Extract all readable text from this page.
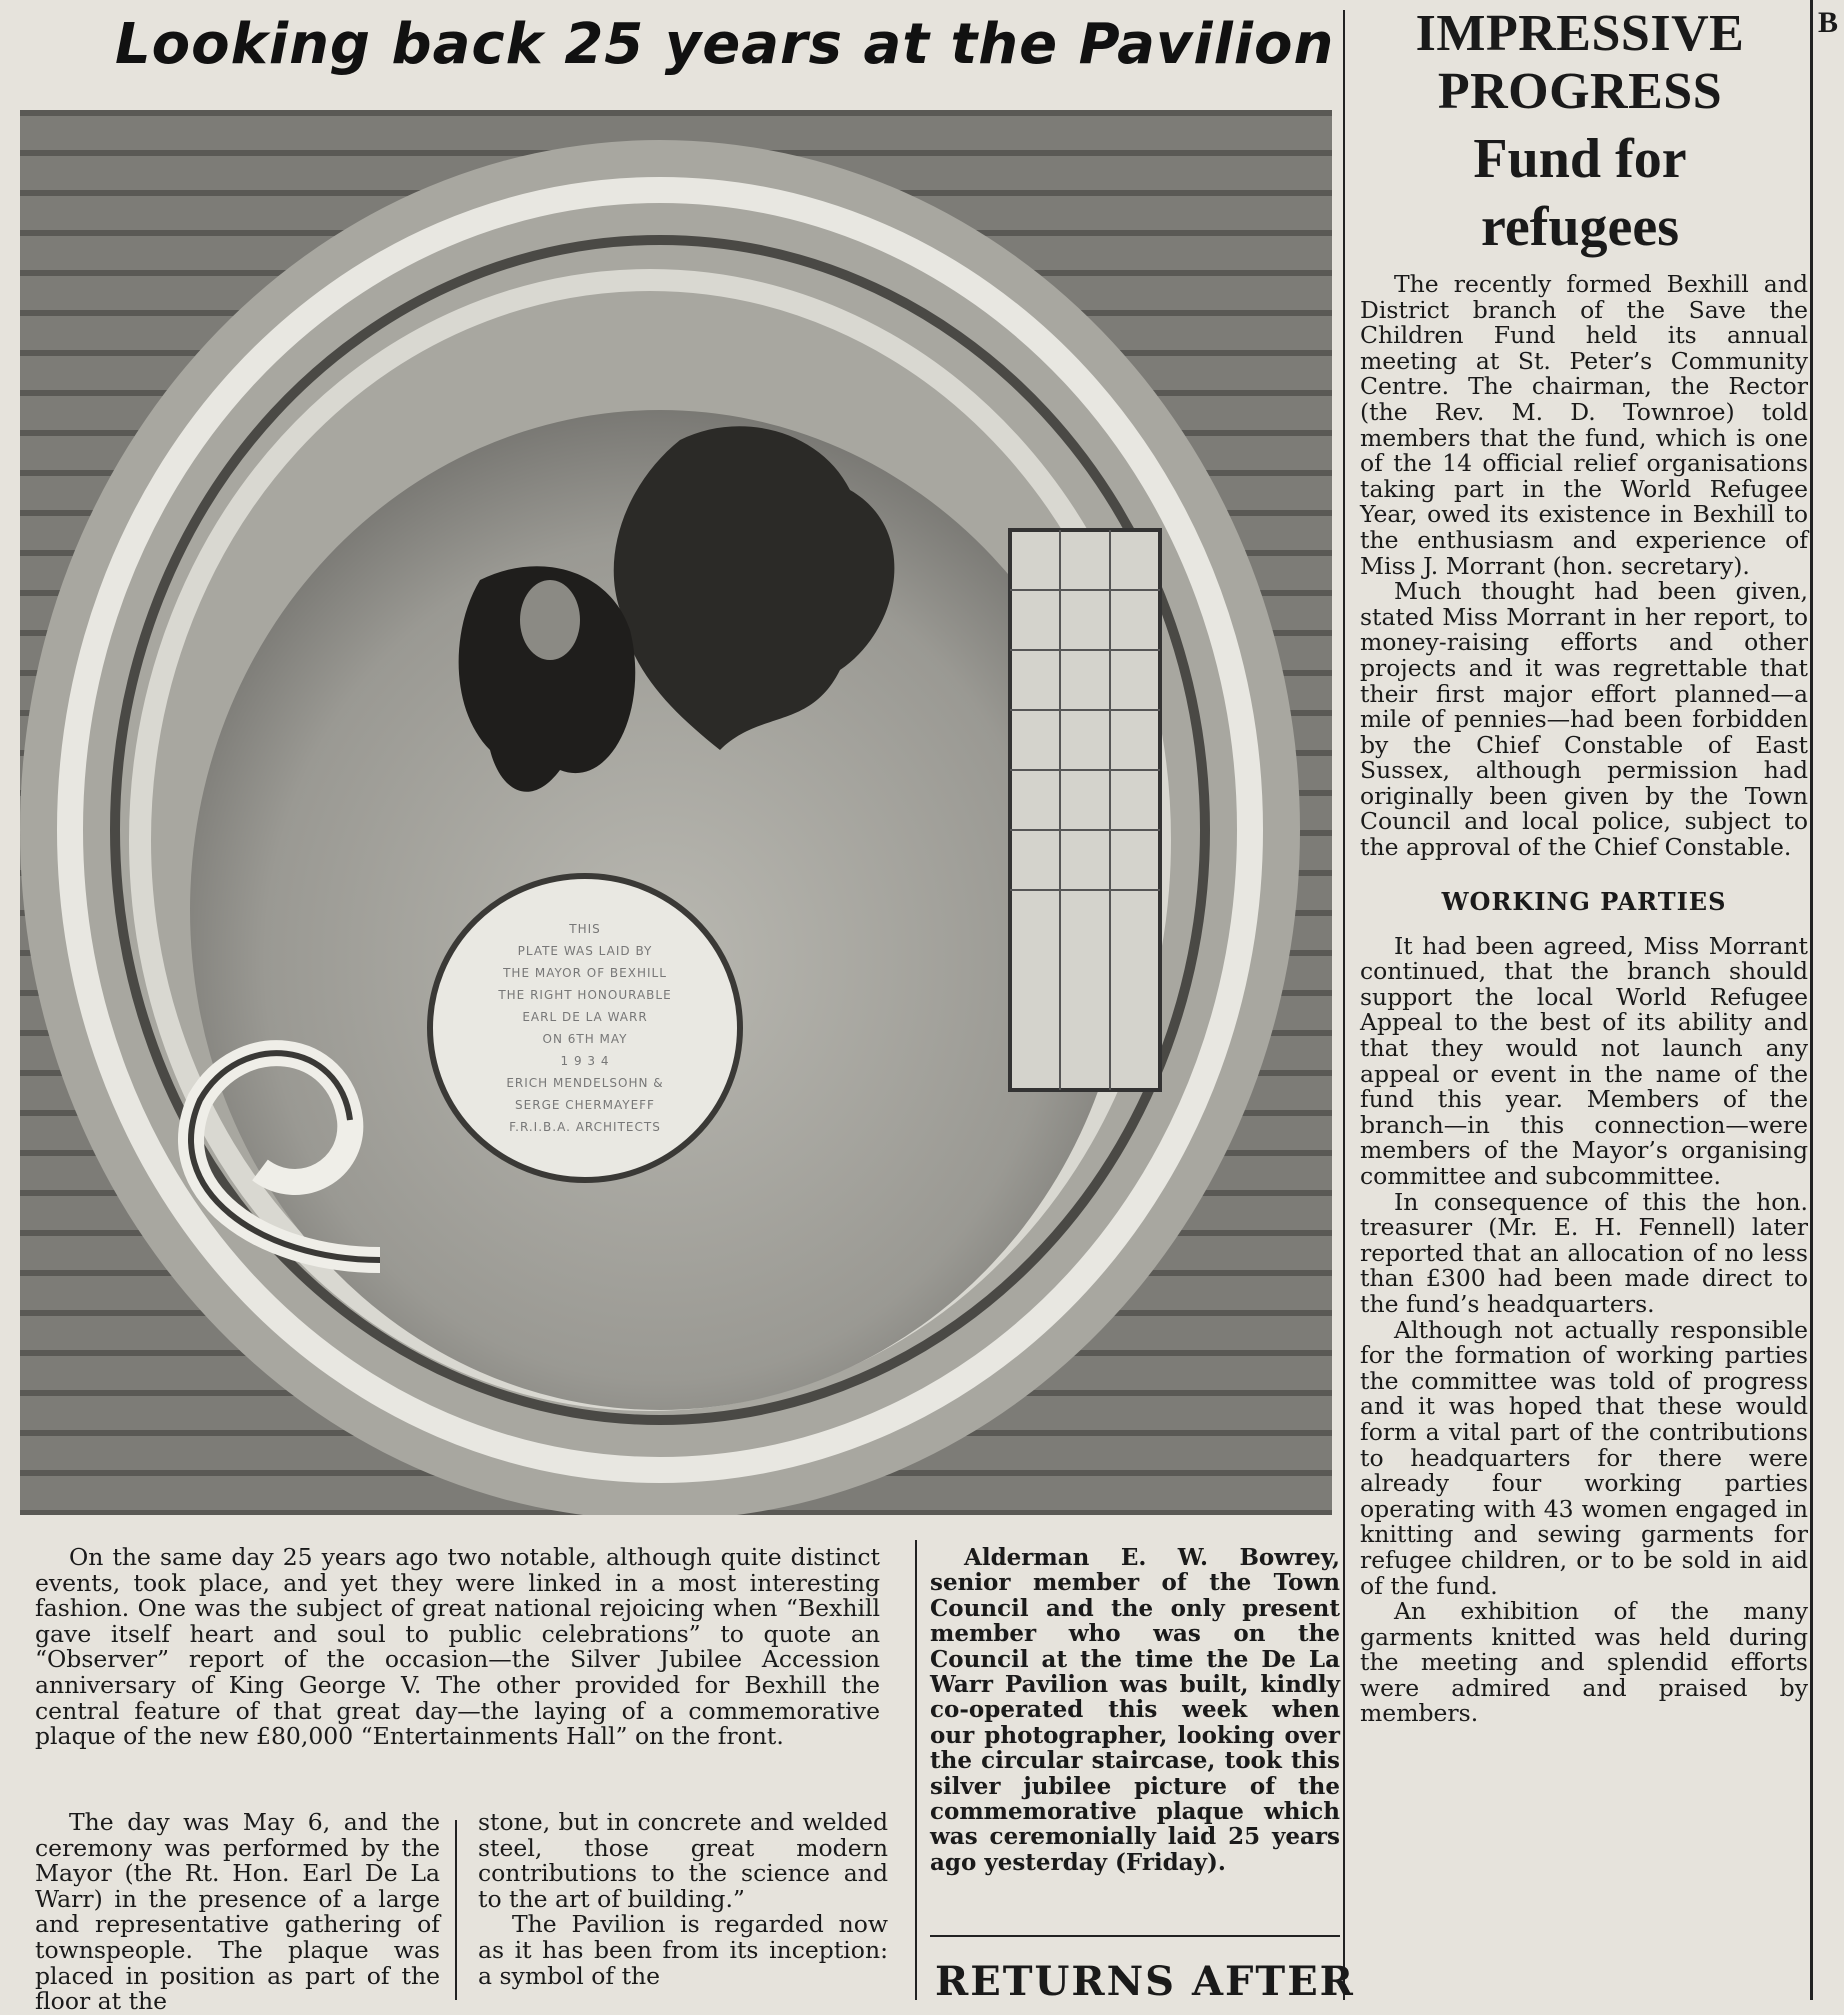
Looking back 25 years at the Pavilion
THIS
PLATE WAS LAID BY
THE MAYOR OF BEXHILL
THE RIGHT HONOURABLE
EARL DE LA WARR
ON 6TH MAY
1 9 3 4
ERICH MENDELSOHN &
SERGE CHERMAYEFF
F.R.I.B.A. ARCHITECTS

On the same day 25 years ago two notable, although quite distinct events, took place, and yet they were linked in a most interesting fashion. One was the subject of great national rejoicing when “Bexhill gave itself heart and soul to public celebrations” to quote an “Observer” report of the occasion—the Silver Jubilee Accession anniversary of King George V. The other provided for Bexhill the central feature of that great day—the laying of a commemorative plaque of the new £80,000 “Entertainments Hall” on the front.

The day was May 6, and the ceremony was performed by the Mayor (the Rt. Hon. Earl De La Warr) in the presence of a large and representative gathering of townspeople. The plaque was placed in position as part of the floor at the

stone, but in concrete and welded steel, those great modern contributions to the science and to the art of building.”

The Pavilion is regarded now as it has been from its inception: a symbol of the

Alderman E. W. Bowrey, senior member of the Town Council and the only present member who was on the Council at the time the De La Warr Pavilion was built, kindly co-operated this week when our photographer, looking over the circular staircase, took this silver jubilee picture of the commemorative plaque which was ceremonially laid 25 years ago yesterday (Friday).

RETURNS AFTER
IMPRESSIVE
PROGRESS
Fund for
refugees

The recently formed Bexhill and District branch of the Save the Children Fund held its annual meeting at St. Peter’s Community Centre. The chairman, the Rector (the Rev. M. D. Townroe) told members that the fund, which is one of the 14 official relief organisations taking part in the World Refugee Year, owed its existence in Bexhill to the enthusiasm and experience of Miss J. Morrant (hon. secretary).

Much thought had been given, stated Miss Morrant in her report, to money-raising efforts and other projects and it was regrettable that their first major effort planned—a mile of pennies—had been forbidden by the Chief Constable of East Sussex, although permission had originally been given by the Town Council and local police, subject to the approval of the Chief Constable.

WORKING PARTIES

It had been agreed, Miss Morrant continued, that the branch should support the local World Refugee Appeal to the best of its ability and that they would not launch any appeal or event in the name of the fund this year. Members of the branch—in this connection—were members of the Mayor’s organising committee and subcommittee.

In consequence of this the hon. treasurer (Mr. E. H. Fennell) later reported that an allocation of no less than £300 had been made direct to the fund’s headquarters.

Although not actually responsible for the formation of working parties the committee was told of progress and it was hoped that these would form a vital part of the contributions to headquarters for there were already four working parties operating with 43 women engaged in knitting and sewing garments for refugee children, or to be sold in aid of the fund.

An exhibition of the many garments knitted was held during the meeting and splendid efforts were admired and praised by members.

B
